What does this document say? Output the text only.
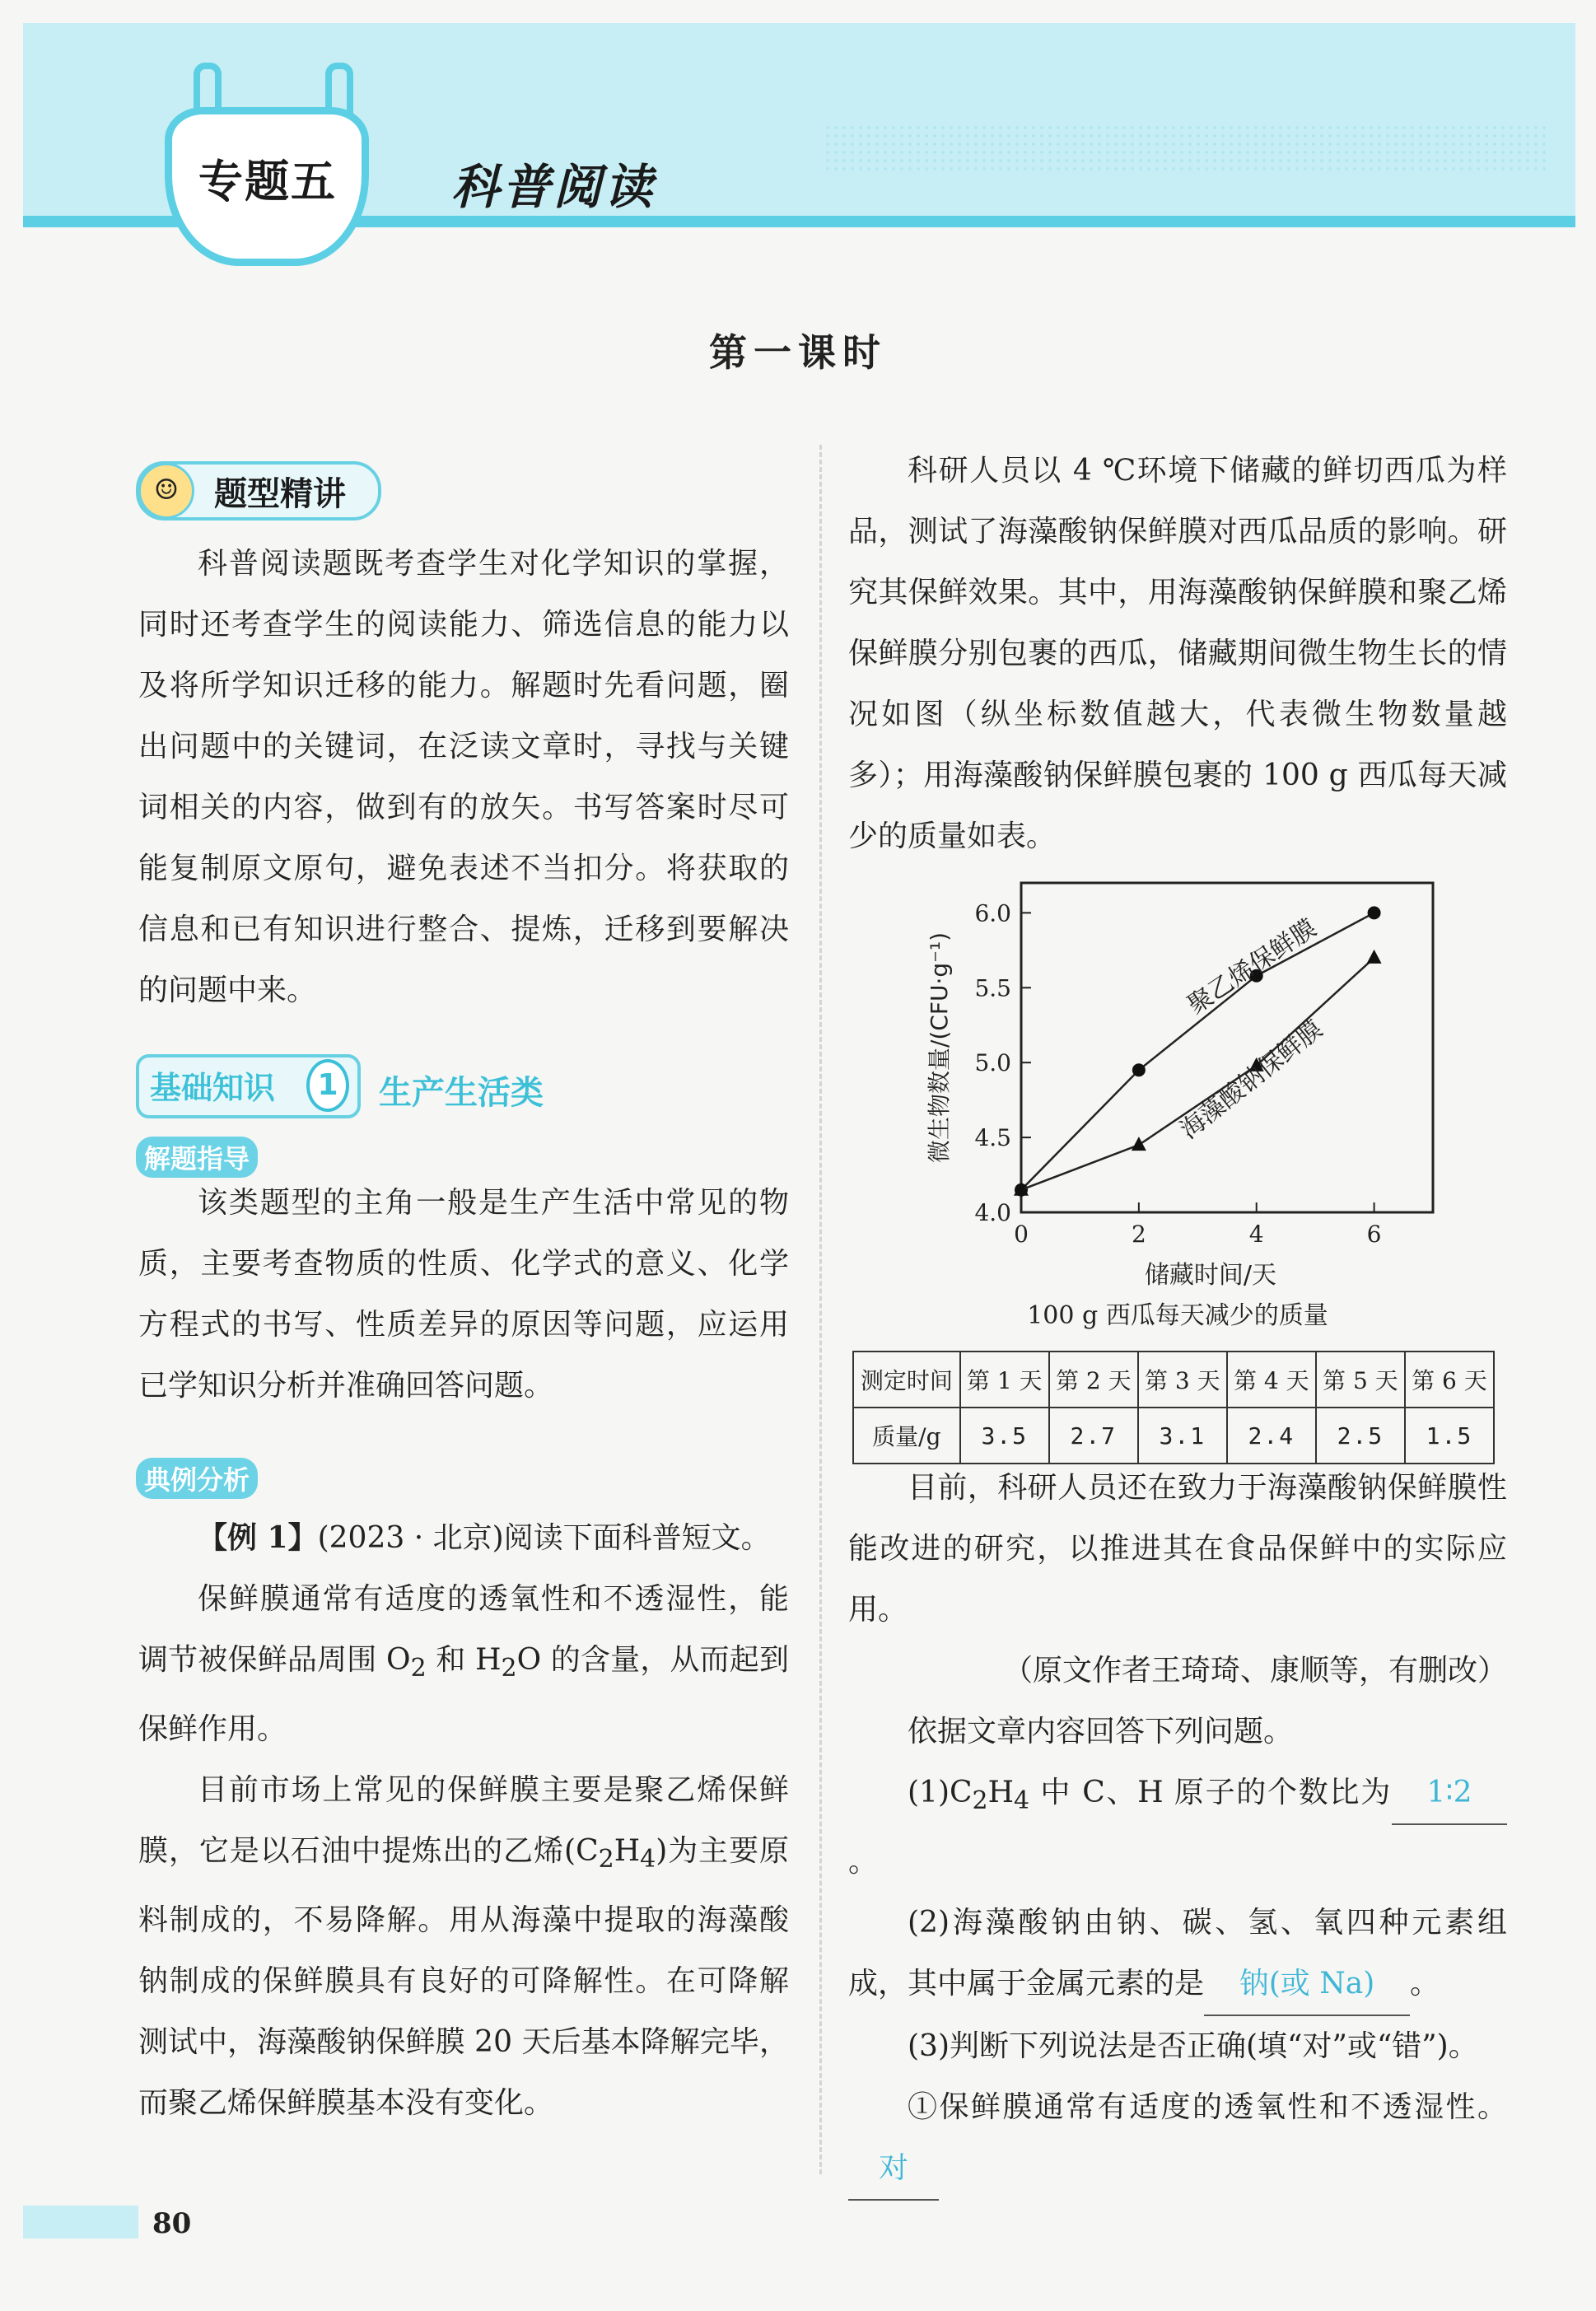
专题五	科普阅读
第一课时
☺	题型精讲

科普阅读题既考查学生对化学知识的掌握，同时还考查学生的阅读能力、筛选信息的能力以及将所学知识迁移的能力。解题时先看问题，圈出问题中的关键词，在泛读文章时，寻找与关键词相关的内容，做到有的放矢。书写答案时尽可能复制原文原句，避免表述不当扣分。将获取的信息和已有知识进行整合、提炼，迁移到要解决的问题中来。

基础知识	1	生产生活类
解题指导

该类题型的主角一般是生产生活中常见的物质，主要考查物质的性质、化学式的意义、化学方程式的书写、性质差异的原因等问题，应运用已学知识分析并准确回答问题。

典例分析

【例 1】(2023 · 北京)阅读下面科普短文。

保鲜膜通常有适度的透氧性和不透湿性，能调节被保鲜品周围 $O_2$ 和 $H_2O$ 的含量，从而起到保鲜作用。

目前市场上常见的保鲜膜主要是聚乙烯保鲜膜，它是以石油中提炼出的乙烯$(C_2H_4)$为主要原料制成的，不易降解。用从海藻中提取的海藻酸钠制成的保鲜膜具有良好的可降解性。在可降解测试中，海藻酸钠保鲜膜 20 天后基本降解完毕，而聚乙烯保鲜膜基本没有变化。

科研人员以 4 ℃环境下储藏的鲜切西瓜为样品，测试了海藻酸钠保鲜膜对西瓜品质的影响。研究其保鲜效果。其中，用海藻酸钠保鲜膜和聚乙烯保鲜膜分别包裹的西瓜，储藏期间微生物生长的情况如图（纵坐标数值越大，代表微生物数量越多）；用海藻酸钠保鲜膜包裹的 100 g 西瓜每天减少的质量如表。

4.0
4.5
5.0
5.5
6.0
0	2	4	6
储藏时间/天
微生物数量/(CFU·g⁻¹)	聚乙烯保鲜膜
海藻酸钠保鲜膜
100 g 西瓜每天减少的质量
测定时间	第 1 天	第 2 天	第 3 天	第 4 天	第 5 天	第 6 天
质量/g	3.5	2.7	3.1	2.4	2.5	1.5

目前，科研人员还在致力于海藻酸钠保鲜膜性能改进的研究，以推进其在食品保鲜中的实际应用。

（原文作者王琦琦、康顺等，有删改）

依据文章内容回答下列问题。

$(1)C_2H_4$ 中 C、H 原子的个数比为 1∶2。

(2)海藻酸钠由钠、碳、氢、氧四种元素组成，其中属于金属元素的是 钠(或 Na) 。

(3)判断下列说法是否正确(填“对”或“错”)。

①保鲜膜通常有适度的透氧性和不透湿性。对

80
